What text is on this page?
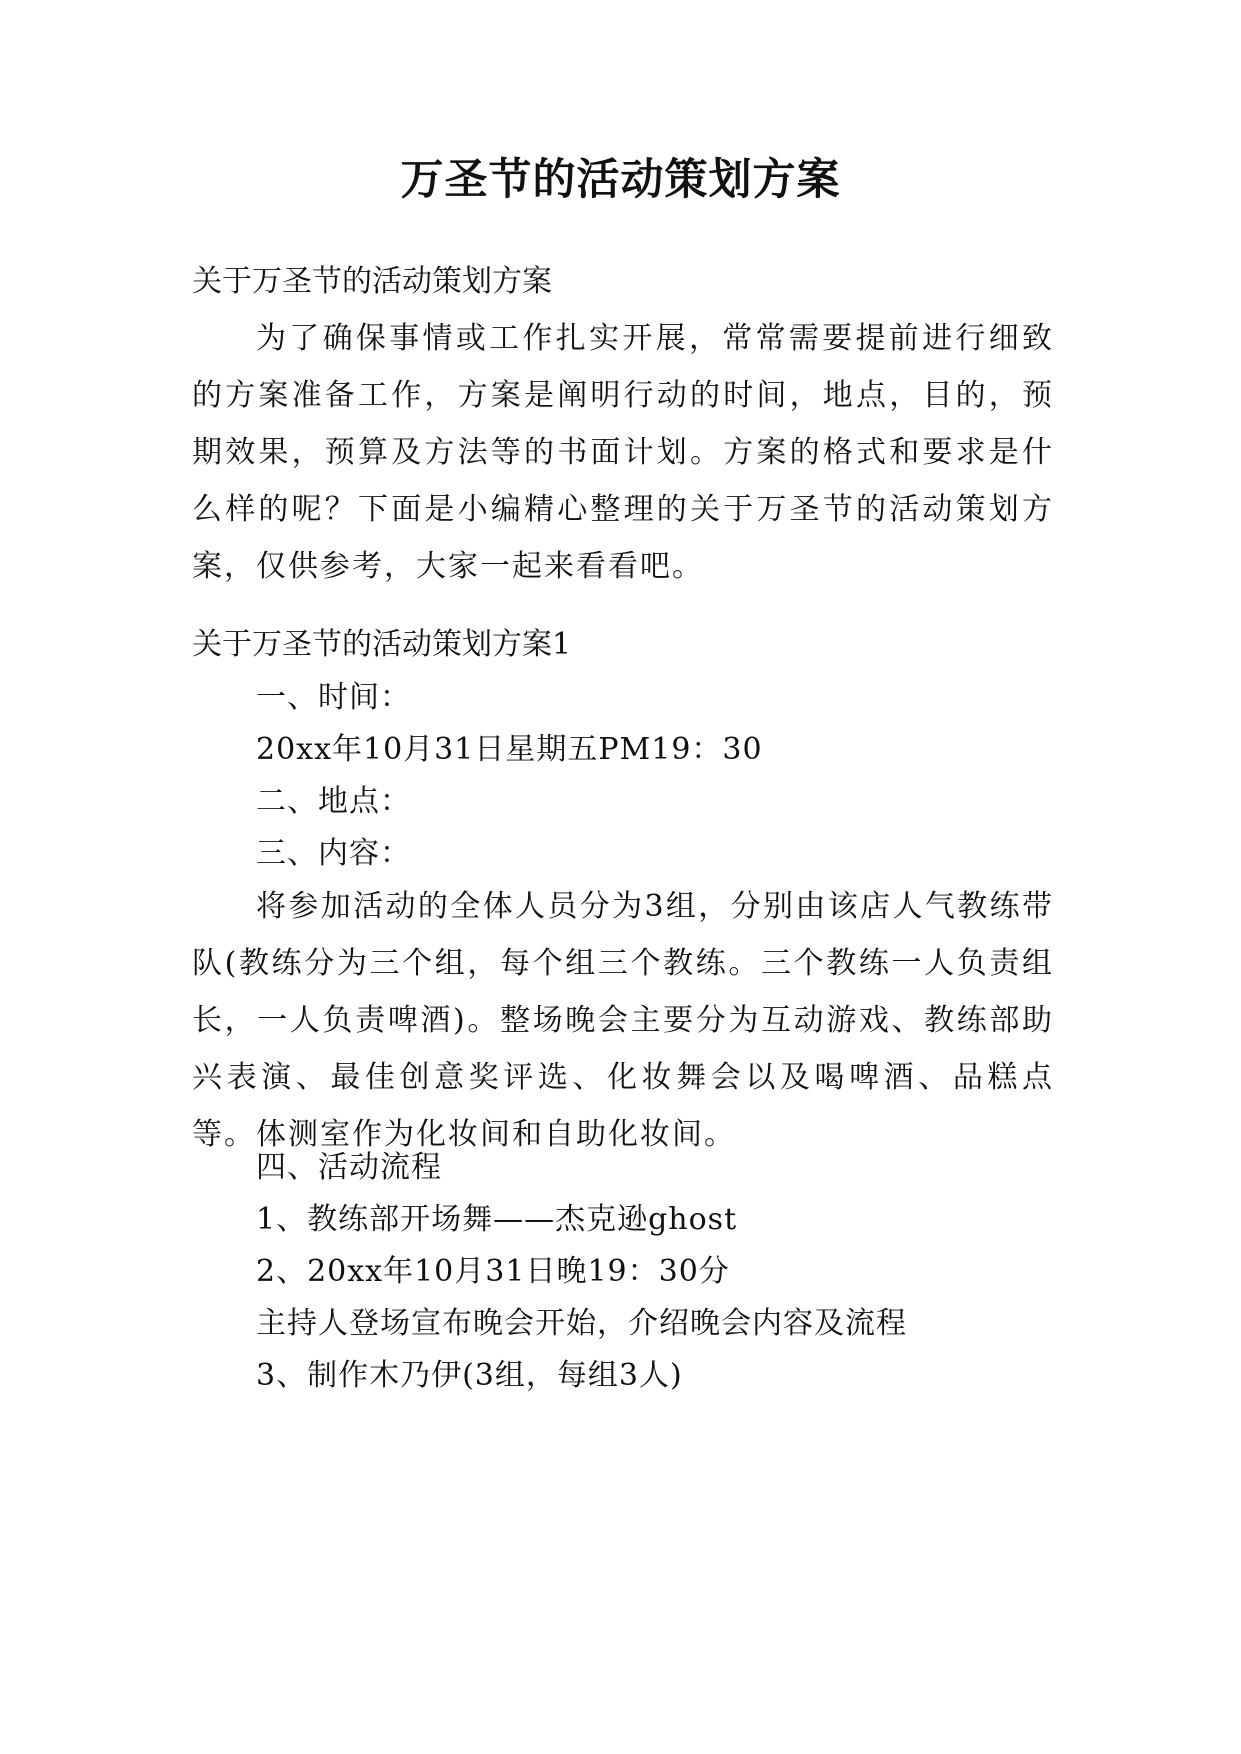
万圣节的活动策划方案

关于万圣节的活动策划方案

为了确保事情或工作扎实开展，常常需要提前进行细致的方案准备工作，方案是阐明行动的时间，地点，目的，预期效果，预算及方法等的书面计划。方案的格式和要求是什么样的呢？下面是小编精心整理的关于万圣节的活动策划方案，仅供参考，大家一起来看看吧。

关于万圣节的活动策划方案1

一、时间：

20xx年10月31日星期五PM19：30

二、地点：

三、内容：

将参加活动的全体人员分为3组，分别由该店人气教练带队(教练分为三个组，每个组三个教练。三个教练一人负责组长，一人负责啤酒)。整场晚会主要分为互动游戏、教练部助兴表演、最佳创意奖评选、化妆舞会以及喝啤酒、品糕点等。体测室作为化妆间和自助化妆间。

四、活动流程

1、教练部开场舞——杰克逊ghost

2、20xx年10月31日晚19：30分

主持人登场宣布晚会开始，介绍晚会内容及流程

3、制作木乃伊(3组，每组3人)
